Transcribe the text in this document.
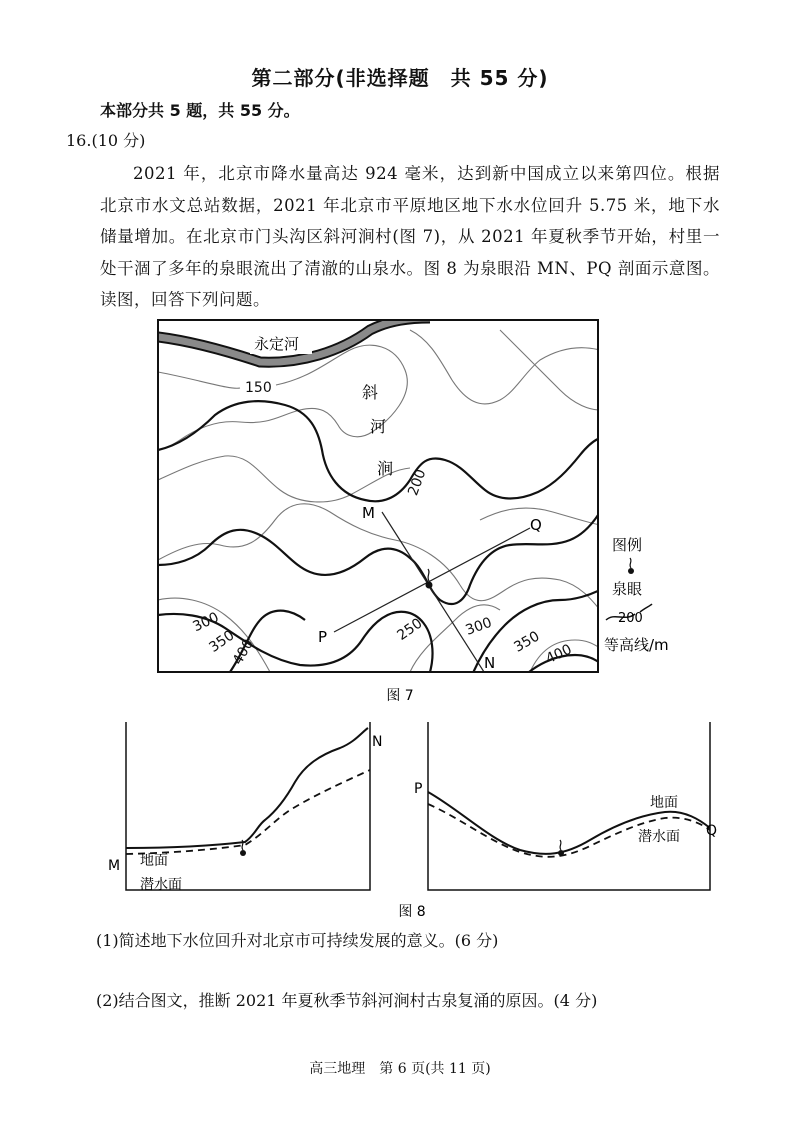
第二部分(非选择题　共 55 分)
本部分共 5 题，共 55 分。
16.(10 分)
2021 年，北京市降水量高达 924 毫米，达到新中国成立以来第四位。根据北京市水文总站数据，2021 年北京市平原地区地下水水位回升 5.75 米，地下水储量增加。在北京市门头沟区斜河涧村(图 7)，从 2021 年夏秋季节开始，村里一处干涸了多年的泉眼流出了清澈的山泉水。图 8 为泉眼沿 MN、PQ 剖面示意图。读图，回答下列问题。
永定河
150
200
250
300
350
400
300
350 400
斜
河
涧
M
Q
P
N
图例
泉眼
200
等高线/m
图 7
M
N
地面
潜水面
P
Q
地面
潜水面
图 8
(1)简述地下水位回升对北京市可持续发展的意义。(6 分)
(2)结合图文，推断 2021 年夏秋季节斜河涧村古泉复涌的原因。(4 分)
高三地理　第 6 页(共 11 页)
